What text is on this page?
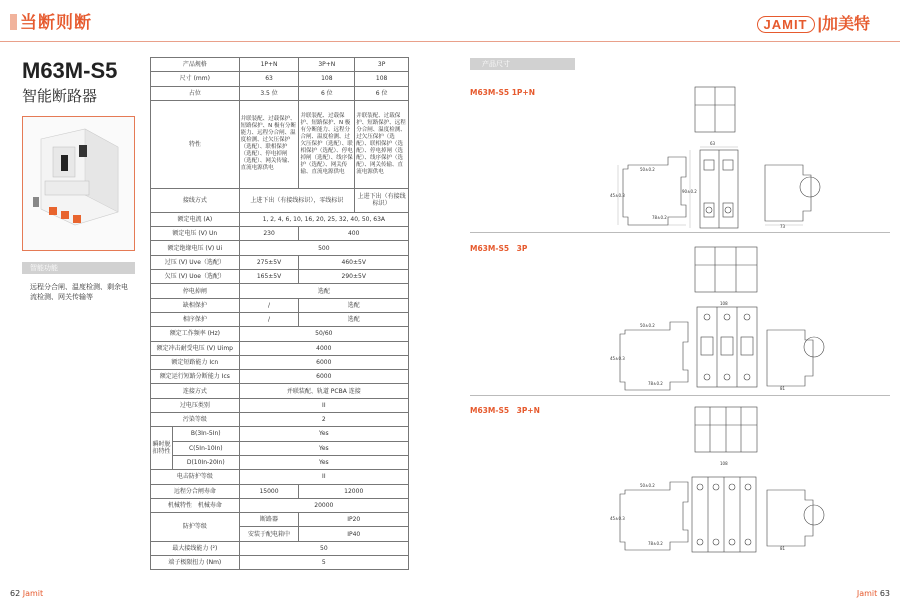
当断则断	JAMIT |加美特
M63M-S5
智能断路器
智能功能
远程分合闸、温度检测、剩余电流检测、网关传输等
产品规格		1P+N	3P+N	3P
尺寸 (mm)		63	108	108
占位		3.5 位	6 位	6 位
特性		并联装配、过载保护、短路保护、N 极有分断能力、远程分合闸、温度检测、过欠压保护（选配）、联相保护（选配）、停电掉闸（选配）、网关传输、直流电源供电	并联装配、过载保护、短路保护、N 极有分断能力、远程分合闸、温度检测、过欠压保护（选配）、联相保护（选配）、停电掉闸（选配）、线序保护（选配）、网关传输、直流电源供电	并联装配、过载保护、短路保护、远程分合闸、温度检测、过欠压保护（选配）、联相保护（选配）、停电掉闸（选配）、线序保护（选配）、网关传输、直流电源供电
接线方式		上进下出（有接线标识），零线标识		上进下出（有接线标识）
额定电流 (A)		1, 2, 4, 6, 10, 16, 20, 25, 32, 40, 50, 63A		
额定电压 (V) Un		230	400	
额定绝缘电压 (V) Ui		500		
过压 (V) Uve（选配）		275±5V	460±5V	
欠压 (V) Uoe（选配）		165±5V	290±5V	
停电掉闸		选配		
缺相保护		/	选配	
相序保护		/	选配	
额定工作频率 (Hz)		50/60		
额定冲击耐受电压 (V) Uimp		4000		
额定短路能力 Icn		6000		
额定运行短路分断能力 Ics		6000		
连接方式		并联装配、轨道 PCBA 连接		
过电压类别		II		
污染等级		2		
瞬时脱扣特性	B(3In-5In)	Yes		
	C(5In-10In)	Yes		
	D(10In-20In)	Yes		
电击防护等级		II		
远程分合闸寿命		15000	12000	
机械特性　机械寿命		20000		
防护等级		断路器	IP20	
		安装于配电箱中	IP40	
最大接线能力 (²)		50		
端子极限扭力 (Nm)		5		
产品尺寸
M63M-S5 1P+N
M63M-S5　3P
M63M-S5　3P+N
50±0.2
63
78±0.2
73
45±0.3
90±0.2
50±0.2
108
78±0.2
81
45±0.3
50±0.2
108
78±0.2
81
45±0.3
62 Jamit	Jamit 63
